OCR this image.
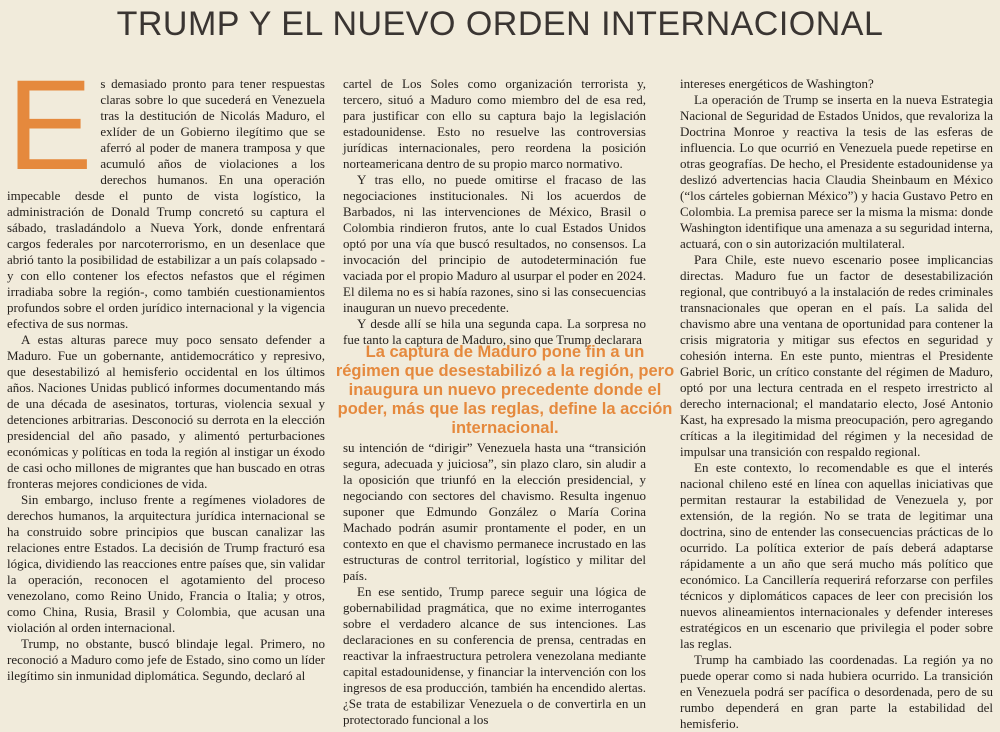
TRUMP Y EL NUEVO ORDEN INTERNACIONAL
E s demasiado pronto para tener respuestas claras sobre lo que sucederá en Venezuela tras la destitución de Nicolás Maduro, el exlíder de un Gobierno ilegítimo que se aferró al poder de manera tramposa y que acumuló años de violaciones a los derechos humanos. En una operación impecable desde el punto de vista logístico, la administración de Donald Trump concretó su captura el sábado, trasladándolo a Nueva York, donde enfrentará cargos federales por narcoterrorismo, en un desenlace que abrió tanto la posibilidad de estabilizar a un país colapsado -y con ello contener los efectos nefastos que el régimen irradiaba sobre la región-, como también cuestionamientos profundos sobre el orden jurídico internacional y la vigencia efectiva de sus normas.

A estas alturas parece muy poco sensato defender a Maduro. Fue un gobernante, antidemocrático y represivo, que desestabilizó al hemisferio occidental en los últimos años. Naciones Unidas publicó informes documentando más de una década de asesinatos, torturas, violencia sexual y detenciones arbitrarias. Desconoció su derrota en la elección presidencial del año pasado, y alimentó perturbaciones económicas y políticas en toda la región al instigar un éxodo de casi ocho millones de migrantes que han buscado en otras fronteras mejores condiciones de vida.

Sin embargo, incluso frente a regímenes violadores de derechos humanos, la arquitectura jurídica internacional se ha construido sobre principios que buscan canalizar las relaciones entre Estados. La decisión de Trump fracturó esa lógica, dividiendo las reacciones entre países que, sin validar la operación, reconocen el agotamiento del proceso venezolano, como Reino Unido, Francia o Italia; y otros, como China, Rusia, Brasil y Colombia, que acusan una violación al orden internacional.

Trump, no obstante, buscó blindaje legal. Primero, no reconoció a Maduro como jefe de Estado, sino como un líder ilegítimo sin inmunidad diplomática. Segundo, declaró al

cartel de Los Soles como organización terrorista y, tercero, situó a Maduro como miembro del de esa red, para justificar con ello su captura bajo la legislación estadounidense. Esto no resuelve las controversias jurídicas internacionales, pero reordena la posición norteamericana dentro de su propio marco normativo.

Y tras ello, no puede omitirse el fracaso de las negociaciones institucionales. Ni los acuerdos de Barbados, ni las intervenciones de México, Brasil o Colombia rindieron frutos, ante lo cual Estados Unidos optó por una vía que buscó resultados, no consensos. La invocación del principio de autodeterminación fue vaciada por el propio Maduro al usurpar el poder en 2024. El dilema no es si había razones, sino si las consecuencias inauguran un nuevo precedente.

Y desde allí se hila una segunda capa. La sorpresa no fue tanto la captura de Maduro, sino que Trump declarara

La captura de Maduro pone fin a un régimen que desestabilizó a la región, pero inaugura un nuevo precedente donde el poder, más que las reglas, define la acción internacional.

su intención de “dirigir” Venezuela hasta una “transición segura, adecuada y juiciosa”, sin plazo claro, sin aludir a la oposición que triunfó en la elección presidencial, y negociando con sectores del chavismo. Resulta ingenuo suponer que Edmundo González o María Corina Machado podrán asumir prontamente el poder, en un contexto en que el chavismo permanece incrustado en las estructuras de control territorial, logístico y militar del país.

En ese sentido, Trump parece seguir una lógica de gobernabilidad pragmática, que no exime interrogantes sobre el verdadero alcance de sus intenciones. Las declaraciones en su conferencia de prensa, centradas en reactivar la infraestructura petrolera venezolana mediante capital estadounidense, y financiar la intervención con los ingresos de esa producción, también ha encendido alertas. ¿Se trata de estabilizar Venezuela o de convertirla en un protectorado funcional a los

intereses energéticos de Washington?

La operación de Trump se inserta en la nueva Estrategia Nacional de Seguridad de Estados Unidos, que revaloriza la Doctrina Monroe y reactiva la tesis de las esferas de influencia. Lo que ocurrió en Venezuela puede repetirse en otras geografías. De hecho, el Presidente estadounidense ya deslizó advertencias hacia Claudia Sheinbaum en México (“los cárteles gobiernan México”) y hacia Gustavo Petro en Colombia. La premisa parece ser la misma la misma: donde Washington identifique una amenaza a su seguridad interna, actuará, con o sin autorización multilateral.

Para Chile, este nuevo escenario posee implicancias directas. Maduro fue un factor de desestabilización regional, que contribuyó a la instalación de redes criminales transnacionales que operan en el país. La salida del chavismo abre una ventana de oportunidad para contener la crisis migratoria y mitigar sus efectos en seguridad y cohesión interna. En este punto, mientras el Presidente Gabriel Boric, un crítico constante del régimen de Maduro, optó por una lectura centrada en el respeto irrestricto al derecho internacional; el mandatario electo, José Antonio Kast, ha expresado la misma preocupación, pero agregando críticas a la ilegitimidad del régimen y la necesidad de impulsar una transición con respaldo regional.

En este contexto, lo recomendable es que el interés nacional chileno esté en línea con aquellas iniciativas que permitan restaurar la estabilidad de Venezuela y, por extensión, de la región. No se trata de legitimar una doctrina, sino de entender las consecuencias prácticas de lo ocurrido. La política exterior de país deberá adaptarse rápidamente a un año que será mucho más político que económico. La Cancillería requerirá reforzarse con perfiles técnicos y diplomáticos capaces de leer con precisión los nuevos alineamientos internacionales y defender intereses estratégicos en un escenario que privilegia el poder sobre las reglas.

Trump ha cambiado las coordenadas. La región ya no puede operar como si nada hubiera ocurrido. La transición en Venezuela podrá ser pacífica o desordenada, pero de su rumbo dependerá en gran parte la estabilidad del hemisferio.
